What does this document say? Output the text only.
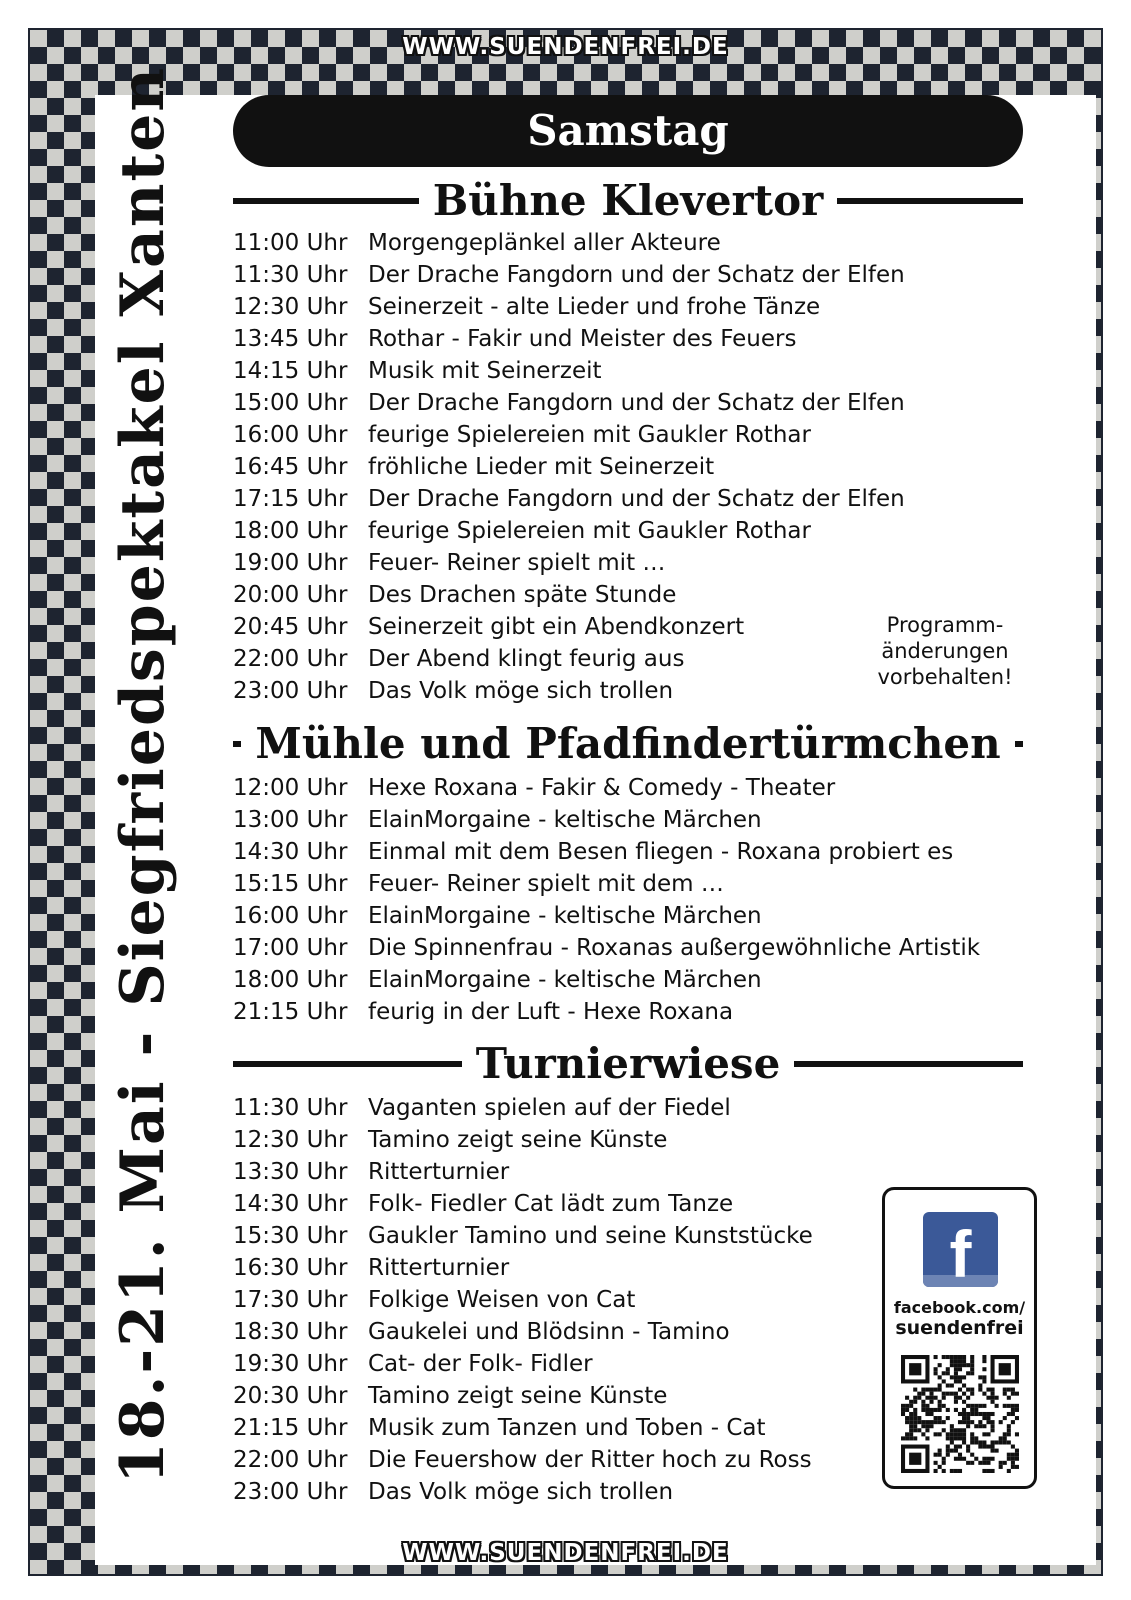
WWW.SUENDENFREI.DE
WWW.SUENDENFREI.DE
18.-21. Mai - Siegfriedspektakel Xanten	Samstag
Bühne Klevertor
11:00 Uhr Morgengeplänkel aller Akteure
11:30 Uhr Der Drache Fangdorn und der Schatz der Elfen
12:30 Uhr Seinerzeit - alte Lieder und frohe Tänze
13:45 Uhr Rothar - Fakir und Meister des Feuers
14:15 Uhr Musik mit Seinerzeit
15:00 Uhr Der Drache Fangdorn und der Schatz der Elfen
16:00 Uhr feurige Spielereien mit Gaukler Rothar
16:45 Uhr fröhliche Lieder mit Seinerzeit
17:15 Uhr Der Drache Fangdorn und der Schatz der Elfen
18:00 Uhr feurige Spielereien mit Gaukler Rothar
19:00 Uhr Feuer- Reiner spielt mit …
20:00 Uhr Des Drachen späte Stunde
20:45 Uhr Seinerzeit gibt ein Abendkonzert
22:00 Uhr Der Abend klingt feurig aus
23:00 Uhr Das Volk möge sich trollen
Programm-
änderungen
vorbehalten!
Mühle und Pfadfindertürmchen
12:00 Uhr Hexe Roxana - Fakir & Comedy - Theater
13:00 Uhr ElainMorgaine - keltische Märchen
14:30 Uhr Einmal mit dem Besen fliegen - Roxana probiert es
15:15 Uhr Feuer- Reiner spielt mit dem …
16:00 Uhr ElainMorgaine - keltische Märchen
17:00 Uhr Die Spinnenfrau - Roxanas außergewöhnliche Artistik
18:00 Uhr ElainMorgaine - keltische Märchen
21:15 Uhr feurig in der Luft - Hexe Roxana
Turnierwiese
11:30 Uhr Vaganten spielen auf der Fiedel
12:30 Uhr Tamino zeigt seine Künste
13:30 Uhr Ritterturnier
14:30 Uhr Folk- Fiedler Cat lädt zum Tanze
15:30 Uhr Gaukler Tamino und seine Kunststücke
16:30 Uhr Ritterturnier
17:30 Uhr Folkige Weisen von Cat
18:30 Uhr Gaukelei und Blödsinn - Tamino
19:30 Uhr Cat- der Folk- Fidler
20:30 Uhr Tamino zeigt seine Künste
21:15 Uhr Musik zum Tanzen und Toben - Cat
22:00 Uhr Die Feuershow der Ritter hoch zu Ross
23:00 Uhr Das Volk möge sich trollen
f
facebook.com/
suendenfrei
